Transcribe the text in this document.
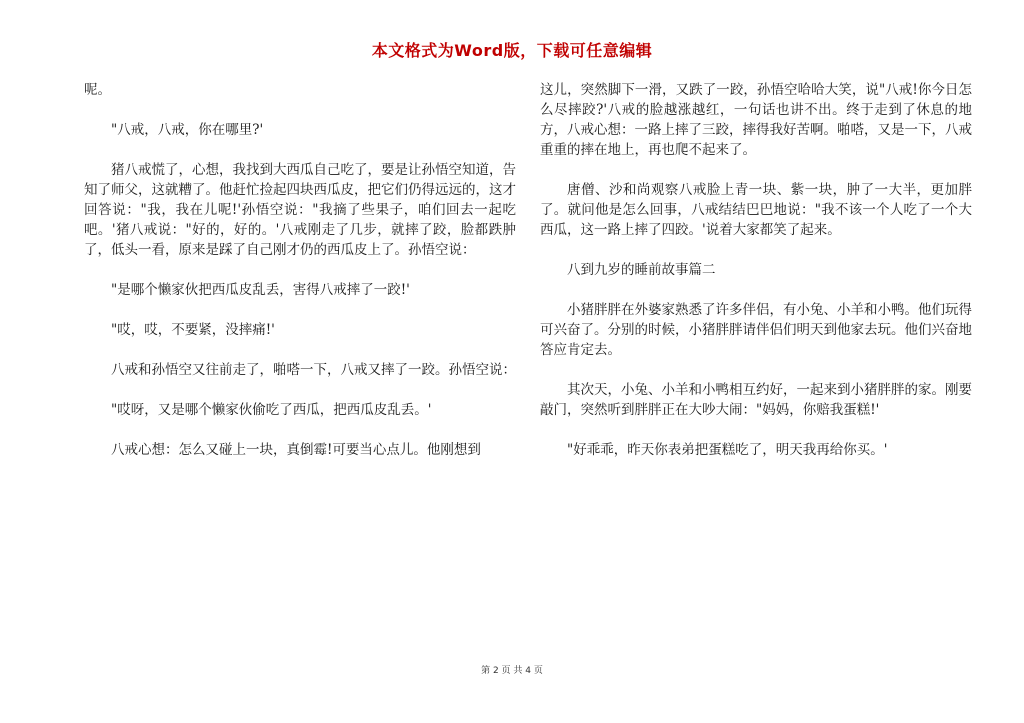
本文格式为Word版，下载可任意编辑

呢。

"八戒，八戒，你在哪里?'

猪八戒慌了，心想，我找到大西瓜自己吃了，要是让孙悟空知道，告知了师父，这就糟了。他赶忙捡起四块西瓜皮，把它们仍得远远的，这才回答说："我，我在儿呢!'孙悟空说："我摘了些果子，咱们回去一起吃吧。'猪八戒说："好的，好的。'八戒刚走了几步，就摔了跤，脸都跌肿了，低头一看，原来是踩了自己刚才仍的西瓜皮上了。孙悟空说：

"是哪个懒家伙把西瓜皮乱丢，害得八戒摔了一跤!'

"哎，哎，不要紧，没摔痛!'

八戒和孙悟空又往前走了，啪嗒一下，八戒又摔了一跤。孙悟空说：

"哎呀，又是哪个懒家伙偷吃了西瓜，把西瓜皮乱丢。'

八戒心想：怎么又碰上一块，真倒霉!可要当心点儿。他刚想到

这儿，突然脚下一滑，又跌了一跤，孙悟空哈哈大笑，说"八戒!你今日怎么尽摔跤?'八戒的脸越涨越红，一句话也讲不出。终于走到了休息的地方，八戒心想：一路上摔了三跤，摔得我好苦啊。啪嗒，又是一下，八戒重重的摔在地上，再也爬不起来了。

唐僧、沙和尚观察八戒脸上青一块、紫一块，肿了一大半，更加胖了。就问他是怎么回事，八戒结结巴巴地说："我不该一个人吃了一个大西瓜，这一路上摔了四跤。'说着大家都笑了起来。

八到九岁的睡前故事篇二

小猪胖胖在外婆家熟悉了许多伴侣，有小兔、小羊和小鸭。他们玩得可兴奋了。分别的时候，小猪胖胖请伴侣们明天到他家去玩。他们兴奋地答应肯定去。

其次天，小兔、小羊和小鸭相互约好，一起来到小猪胖胖的家。刚要敲门，突然听到胖胖正在大吵大闹："妈妈，你赔我蛋糕!'

"好乖乖，昨天你表弟把蛋糕吃了，明天我再给你买。'

第 2 页 共 4 页
